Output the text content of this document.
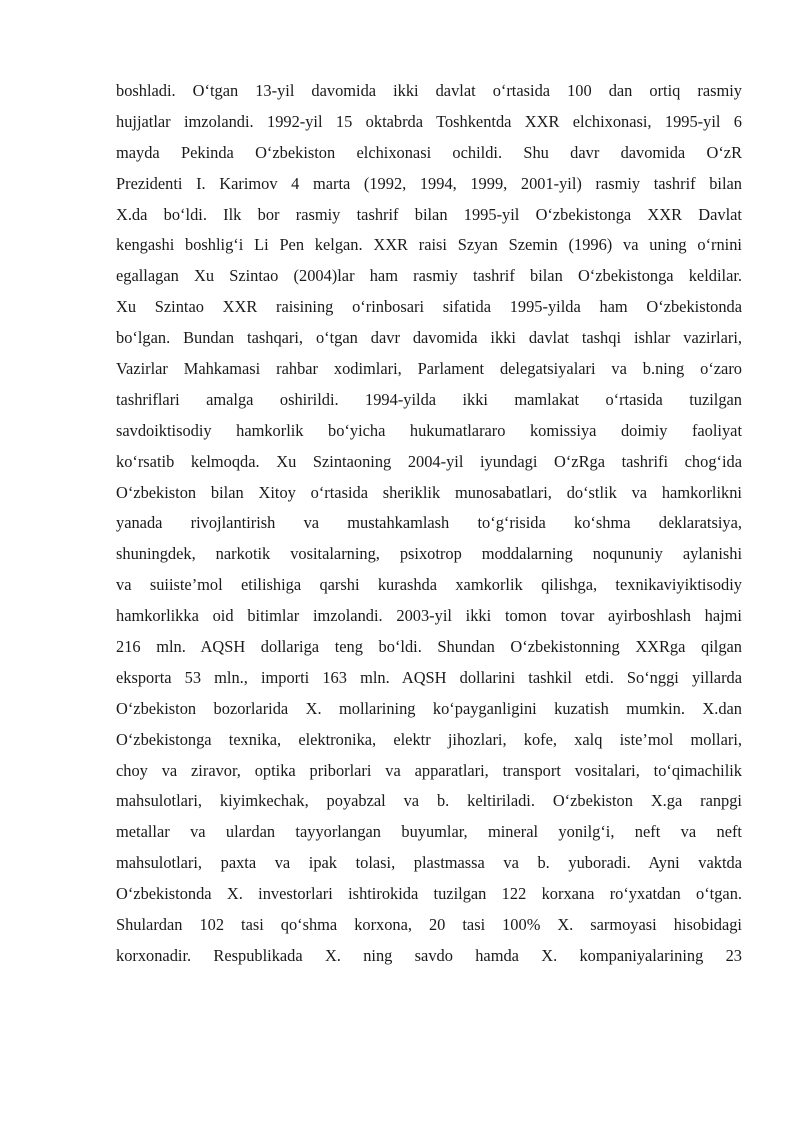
boshladi. O‘tgan 13-yil davomida ikki davlat o‘rtasida 100 dan ortiq rasmiy
hujjatlar imzolandi. 1992-yil 15 oktabrda Toshkentda XXR elchixonasi, 1995-yil 6
mayda Pekinda O‘zbekiston elchixonasi ochildi. Shu davr davomida O‘zR
Prezidenti I. Karimov 4 marta (1992, 1994, 1999, 2001-yil) rasmiy tashrif bilan
X.da bo‘ldi. Ilk bor rasmiy tashrif bilan 1995-yil O‘zbekistonga XXR Davlat
kengashi boshlig‘i Li Pen kelgan. XXR raisi Szyan Szemin (1996) va uning o‘rnini
egallagan Xu Szintao (2004)lar ham rasmiy tashrif bilan O‘zbekistonga keldilar.
Xu Szintao XXR raisining o‘rinbosari sifatida 1995-yilda ham O‘zbekistonda
bo‘lgan. Bundan tashqari, o‘tgan davr davomida ikki davlat tashqi ishlar vazirlari,
Vazirlar Mahkamasi rahbar xodimlari, Parlament delegatsiyalari va b.ning o‘zaro
tashriflari amalga oshirildi. 1994-yilda ikki mamlakat o‘rtasida tuzilgan
savdoiktisodiy hamkorlik bo‘yicha hukumatlararo komissiya doimiy faoliyat
ko‘rsatib kelmoqda. Xu Szintaoning 2004-yil iyundagi O‘zRga tashrifi chog‘ida
O‘zbekiston bilan Xitoy o‘rtasida sheriklik munosabatlari, do‘stlik va hamkorlikni
yanada rivojlantirish va mustahkamlash to‘g‘risida ko‘shma deklaratsiya,
shuningdek, narkotik vositalarning, psixotrop moddalarning noqununiy aylanishi
va suiiste’mol etilishiga qarshi kurashda xamkorlik qilishga, texnikaviyiktisodiy
hamkorlikka oid bitimlar imzolandi. 2003-yil ikki tomon tovar ayirboshlash hajmi
216 mln. AQSH dollariga teng bo‘ldi. Shundan O‘zbekistonning XXRga qilgan
eksporta 53 mln., importi 163 mln. AQSH dollarini tashkil etdi. So‘nggi yillarda
O‘zbekiston bozorlarida X. mollarining ko‘payganligini kuzatish mumkin. X.dan
O‘zbekistonga texnika, elektronika, elektr jihozlari, kofe, xalq iste’mol mollari,
choy va ziravor, optika priborlari va apparatlari, transport vositalari, to‘qimachilik
mahsulotlari, kiyimkechak, poyabzal va b. keltiriladi. O‘zbekiston X.ga ranpgi
metallar va ulardan tayyorlangan buyumlar, mineral yonilg‘i, neft va neft
mahsulotlari, paxta va ipak tolasi, plastmassa va b. yuboradi. Ayni vaktda
O‘zbekistonda X. investorlari ishtirokida tuzilgan 122 korxana ro‘yxatdan o‘tgan.
Shulardan 102 tasi qo‘shma korxona, 20 tasi 100% X. sarmoyasi hisobidagi
korxonadir. Respublikada X. ning savdo hamda X. kompaniyalarining 23
